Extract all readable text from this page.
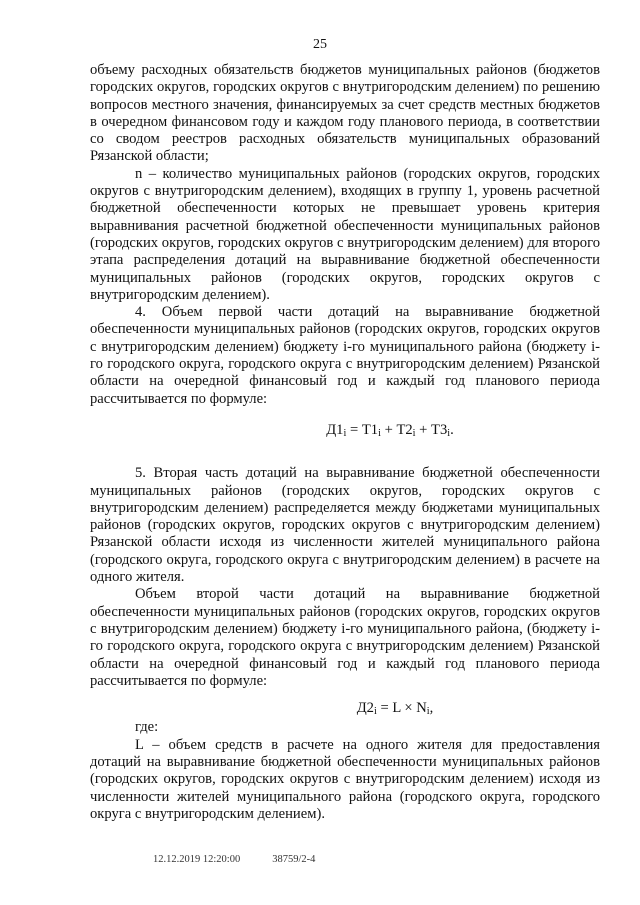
25

объему расходных обязательств бюджетов муниципальных районов (бюджетов городских округов, городских округов с внутригородским делением) по решению вопросов местного значения, финансируемых за счет средств местных бюджетов в очередном финансовом году и каждом году планового периода, в соответствии со сводом реестров расходных обязательств муниципальных образований Рязанской области;

n – количество муниципальных районов (городских округов, городских округов с внутригородским делением), входящих в группу 1, уровень расчетной бюджетной обеспеченности которых не превышает уровень критерия выравнивания расчетной бюджетной обеспеченности муниципальных районов (городских округов, городских округов с внутригородским делением) для второго этапа распределения дотаций на выравнивание бюджетной обеспеченности муниципальных районов (городских округов, городских округов с внутригородским делением).

4. Объем первой части дотаций на выравнивание бюджетной обеспеченности муниципальных районов (городских округов, городских округов с внутригородским делением) бюджету i-го муниципального района (бюджету i-го городского округа, городского округа с внутригородским делением) Рязанской области на очередной финансовый год и каждый год планового периода рассчитывается по формуле:

$Д1_i = Т1_i + Т2_i + Т3_i$.

5. Вторая часть дотаций на выравнивание бюджетной обеспеченности муниципальных районов (городских округов, городских округов с внутригородским делением) распределяется между бюджетами муниципальных районов (городских округов, городских округов с внутригородским делением) Рязанской области исходя из численности жителей муниципального района (городского округа, городского округа с внутригородским делением) в расчете на одного жителя.

Объем второй части дотаций на выравнивание бюджетной обеспеченности муниципальных районов (городских округов, городских округов с внутригородским делением) бюджету i-го муниципального района, (бюджету i-го городского округа, городского округа с внутригородским делением) Рязанской области на очередной финансовый год и каждый год планового периода рассчитывается по формуле:

$Д2_i = L \times N_i$,

где:

L – объем средств в расчете на одного жителя для предоставления дотаций на выравнивание бюджетной обеспеченности муниципальных районов (городских округов, городских округов с внутригородским делением) исходя из численности жителей муниципального района (городского округа, городского округа с внутригородским делением).

12.12.2019 12:20:00	38759/2-4
